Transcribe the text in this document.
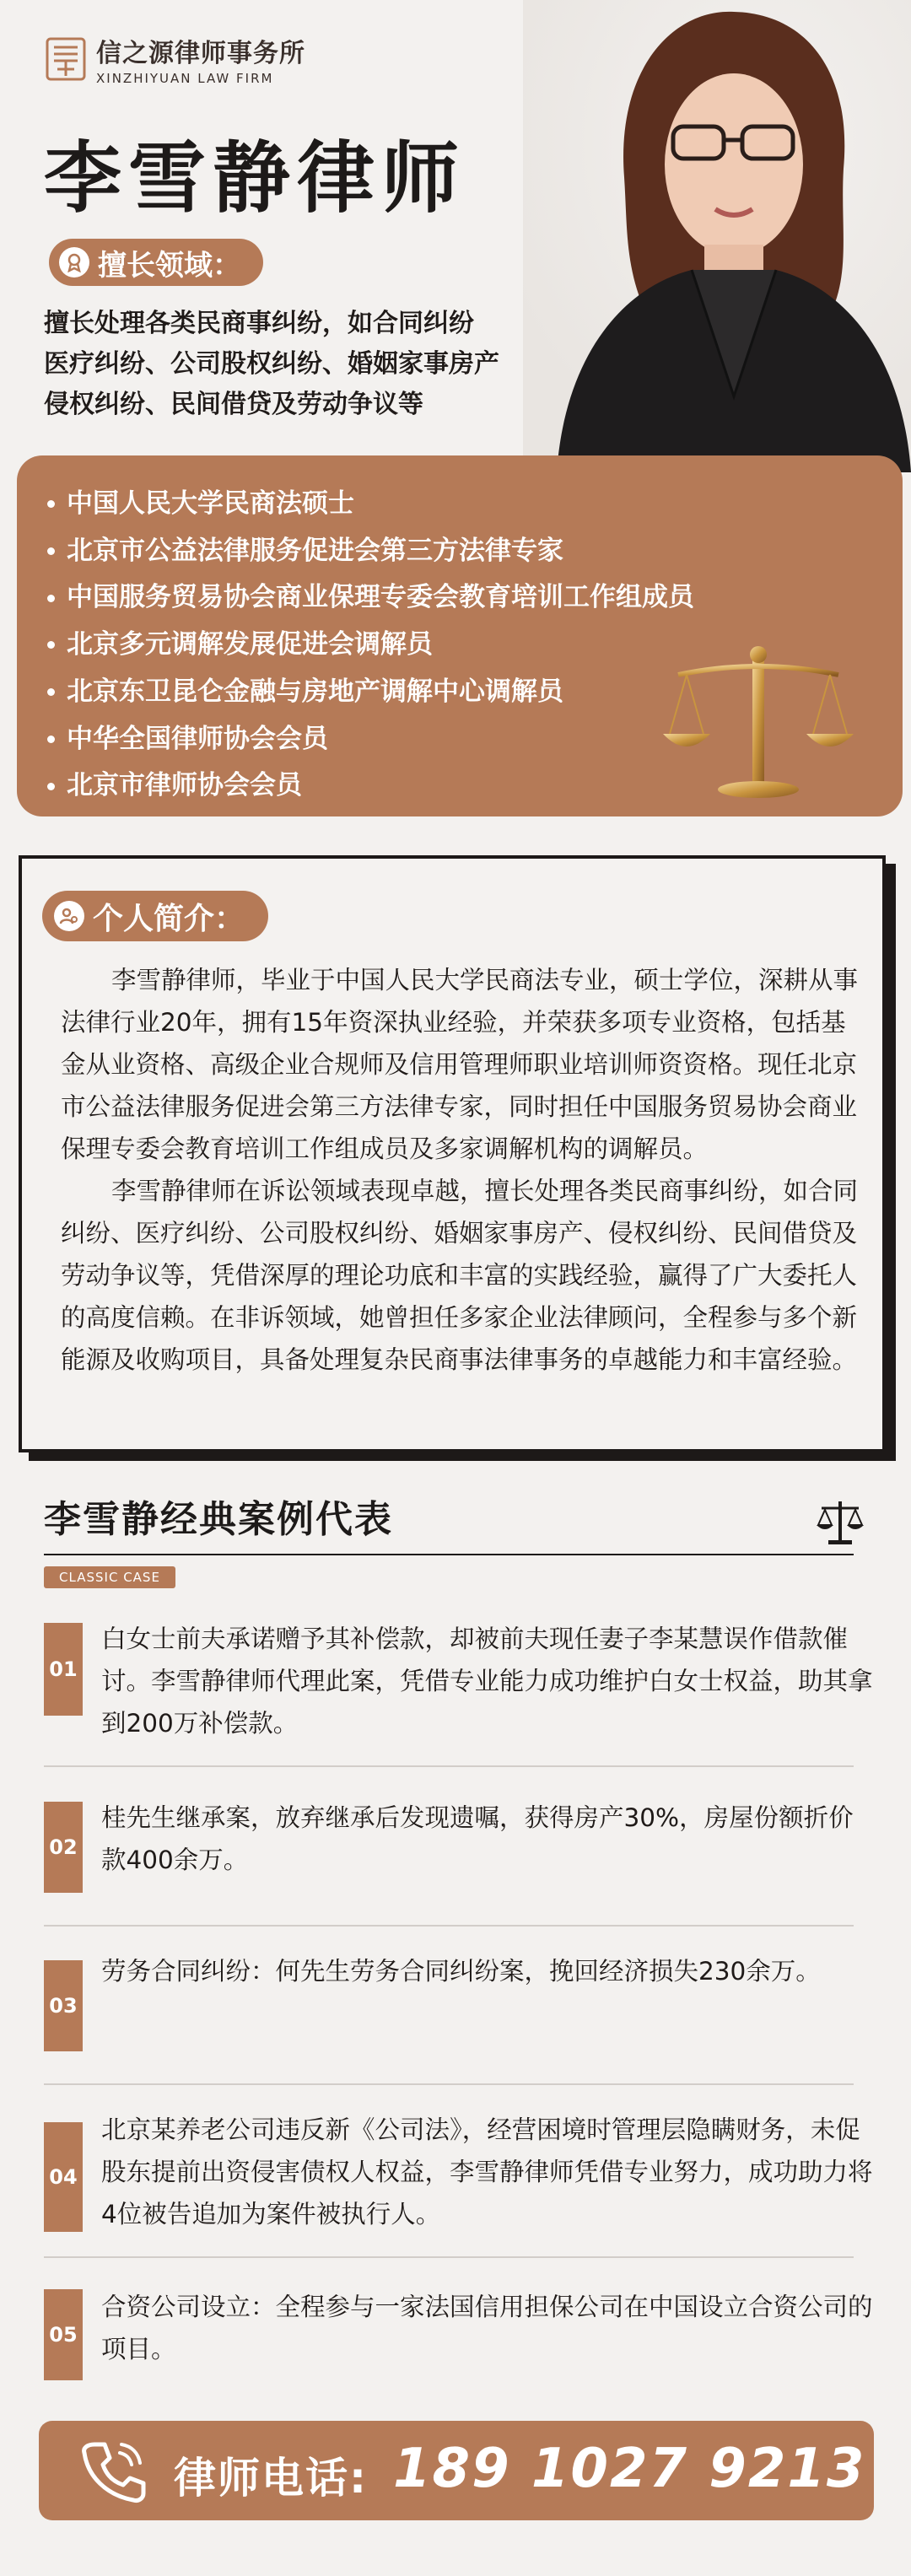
信之源律师事务所
XINZHIYUAN LAW FIRM
李雪静律师
擅长领域：
擅长处理各类民商事纠纷，如合同纠纷
医疗纠纷、公司股权纠纷、婚姻家事房产
侵权纠纷、民间借贷及劳动争议等
中国人民大学民商法硕士
北京市公益法律服务促进会第三方法律专家
中国服务贸易协会商业保理专委会教育培训工作组成员
北京多元调解发展促进会调解员
北京东卫昆仑金融与房地产调解中心调解员
中华全国律师协会会员
北京市律师协会会员
个人简介：

李雪静律师，毕业于中国人民大学民商法专业，硕士学位，深耕从事法律行业20年，拥有15年资深执业经验，并荣获多项专业资格，包括基金从业资格、高级企业合规师及信用管理师职业培训师资资格。现任北京市公益法律服务促进会第三方法律专家，同时担任中国服务贸易协会商业保理专委会教育培训工作组成员及多家调解机构的调解员。

李雪静律师在诉讼领域表现卓越，擅长处理各类民商事纠纷，如合同纠纷、医疗纠纷、公司股权纠纷、婚姻家事房产、侵权纠纷、民间借贷及劳动争议等，凭借深厚的理论功底和丰富的实践经验，赢得了广大委托人的高度信赖。在非诉领域，她曾担任多家企业法律顾问，全程参与多个新能源及收购项目，具备处理复杂民商事法律事务的卓越能力和丰富经验。

李雪静经典案例代表
CLASSIC CASE
01
白女士前夫承诺赠予其补偿款，却被前夫现任妻子李某慧误作借款催讨。李雪静律师代理此案，凭借专业能力成功维护白女士权益，助其拿到200万补偿款。
02
桂先生继承案，放弃继承后发现遗嘱，获得房产30%，房屋份额折价款400余万。
03
劳务合同纠纷：何先生劳务合同纠纷案，挽回经济损失230余万。
04
北京某养老公司违反新《公司法》，经营困境时管理层隐瞒财务，未促股东提前出资侵害债权人权益，李雪静律师凭借专业努力，成功助力将4位被告追加为案件被执行人。
05
合资公司设立：全程参与一家法国信用担保公司在中国设立合资公司的项目。
律师电话: 189 1027 9213
